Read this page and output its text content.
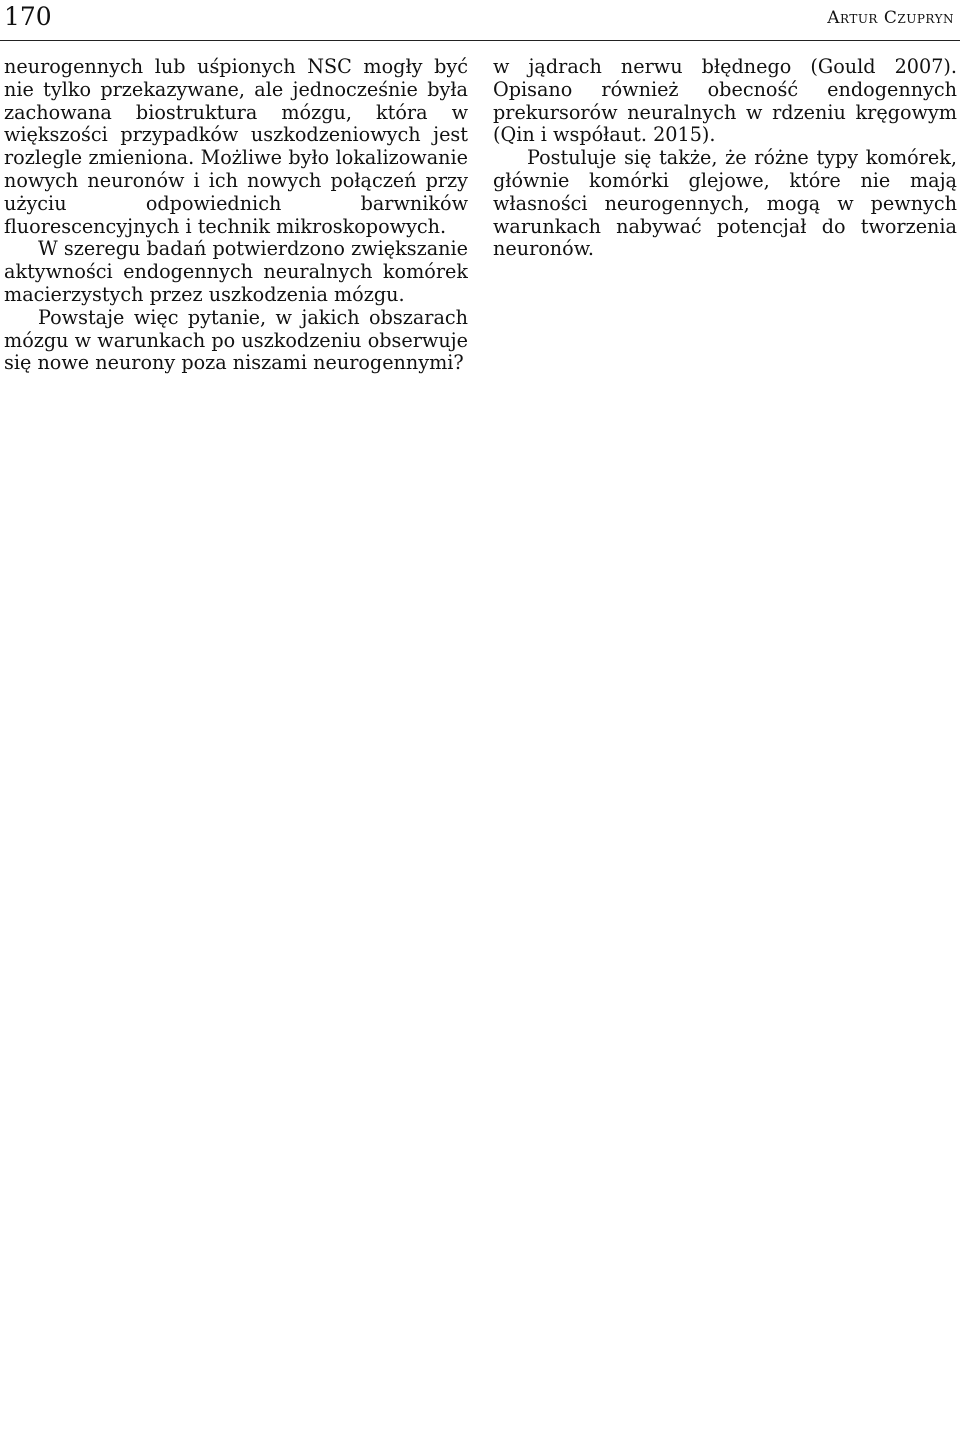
170	Artur Czupryn

neurogennych lub uśpionych NSC mogły być nie tylko przekazywane, ale jednocześnie była zachowana biostruktura mózgu, która w większości przypadków uszkodzeniowych jest rozlegle zmieniona. Możliwe było lokalizowanie nowych neuronów i ich nowych połączeń przy użyciu odpowiednich barwników fluorescencyjnych i technik mikroskopowych.

W szeregu badań potwierdzono zwiększanie aktywności endogennych neuralnych komórek macierzystych przez uszkodzenia mózgu.

Powstaje więc pytanie, w jakich obszarach mózgu w warunkach po uszkodzeniu obserwuje się nowe neurony poza niszami neurogennymi?

w jądrach nerwu błędnego (Gould 2007). Opisano również obecność endogennych prekursorów neuralnych w rdzeniu kręgowym (Qin i współaut. 2015).

Postuluje się także, że różne typy komórek, głównie komórki glejowe, które nie mają własności neurogennych, mogą w pewnych warunkach nabywać potencjał do tworzenia neuronów.
